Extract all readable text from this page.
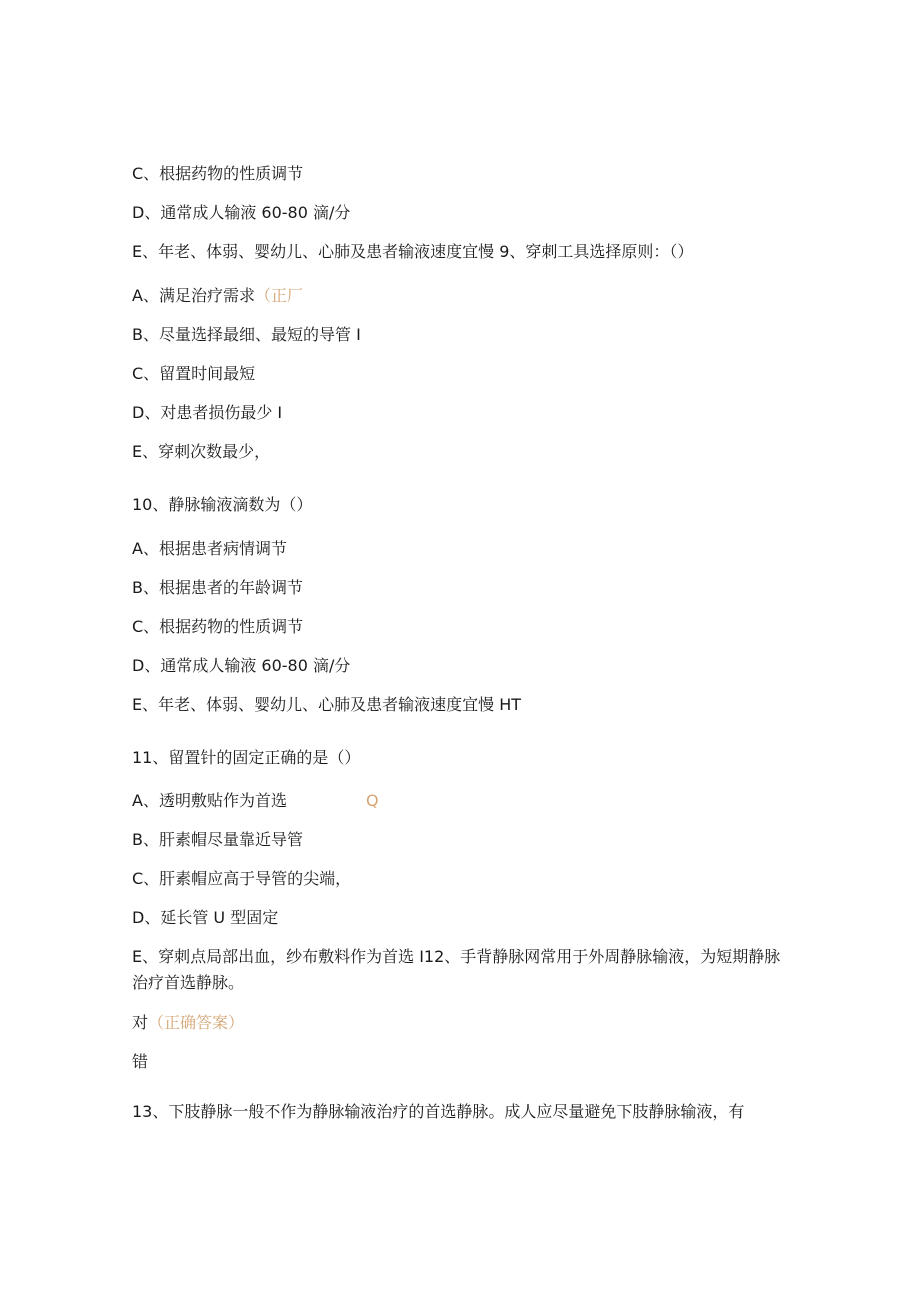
C、根据药物的性质调节
D、通常成人输液 60-80 滴/分
E、年老、体弱、婴幼儿、心肺及患者输液速度宜慢 9、穿刺工具选择原则：（）
A、满足治疗需求（正厂
B、尽量选择最细、最短的导管 I
C、留置时间最短
D、对患者损伤最少 I
E、穿刺次数最少，
10、静脉输液滴数为（）
A、根据患者病情调节
B、根据患者的年龄调节
C、根据药物的性质调节
D、通常成人输液 60-80 滴/分
E、年老、体弱、婴幼儿、心肺及患者输液速度宜慢 HT
11、留置针的固定正确的是（）
A、透明敷贴作为首选	Q
B、肝素帽尽量靠近导管
C、肝素帽应高于导管的尖端，
D、延长管 U 型固定
E、穿刺点局部出血，纱布敷料作为首选 I12、手背静脉网常用于外周静脉输液，为短期静脉治疗首选静脉。
对（正确答案）
错
13、下肢静脉一般不作为静脉输液治疗的首选静脉。成人应尽量避免下肢静脉输液，有
